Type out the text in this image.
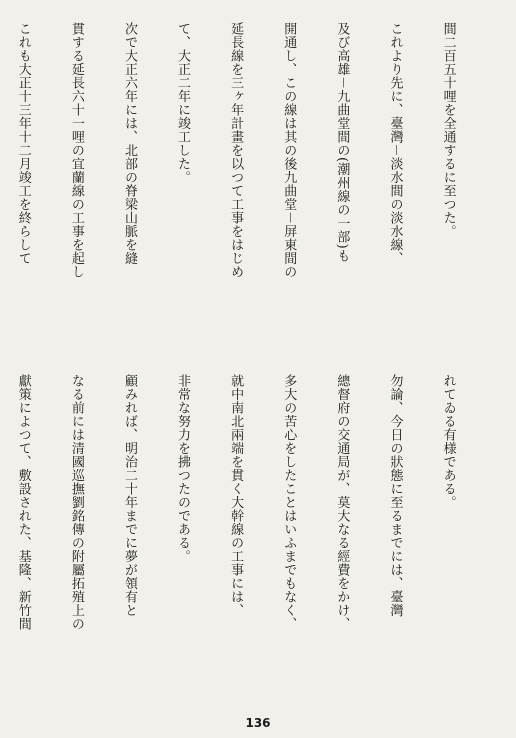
間二百五十哩を全通するに至つた。

これより先に、臺灣－淡水間の淡水線、

及び高雄－九曲堂間の(潮州線の一部)も

開通し、この線は其の後九曲堂－屏東間の

延長線を三ヶ年計畫を以つて工事をはじめ

て、大正二年に竣工した。

次で大正六年には、北部の脊梁山脈を縫

貫する延長六十一哩の宜蘭線の工事を起し

これも大正十三年十二月竣工を終らして

れてゐる有様である。

勿論、今日の狀態に至るまでには、臺灣

總督府の交通局が、莫大なる經費をかけ、

多大の苦心をしたことはいふまでもなく、

就中南北兩端を貫く大幹線の工事には、

非常な努力を拂つたのである。

顧みれば、明治二十年までに夢が領有と

なる前には清國巡撫劉銘傳の附屬拓殖上の

獻策によつて、敷設された、基隆、新竹間

136
